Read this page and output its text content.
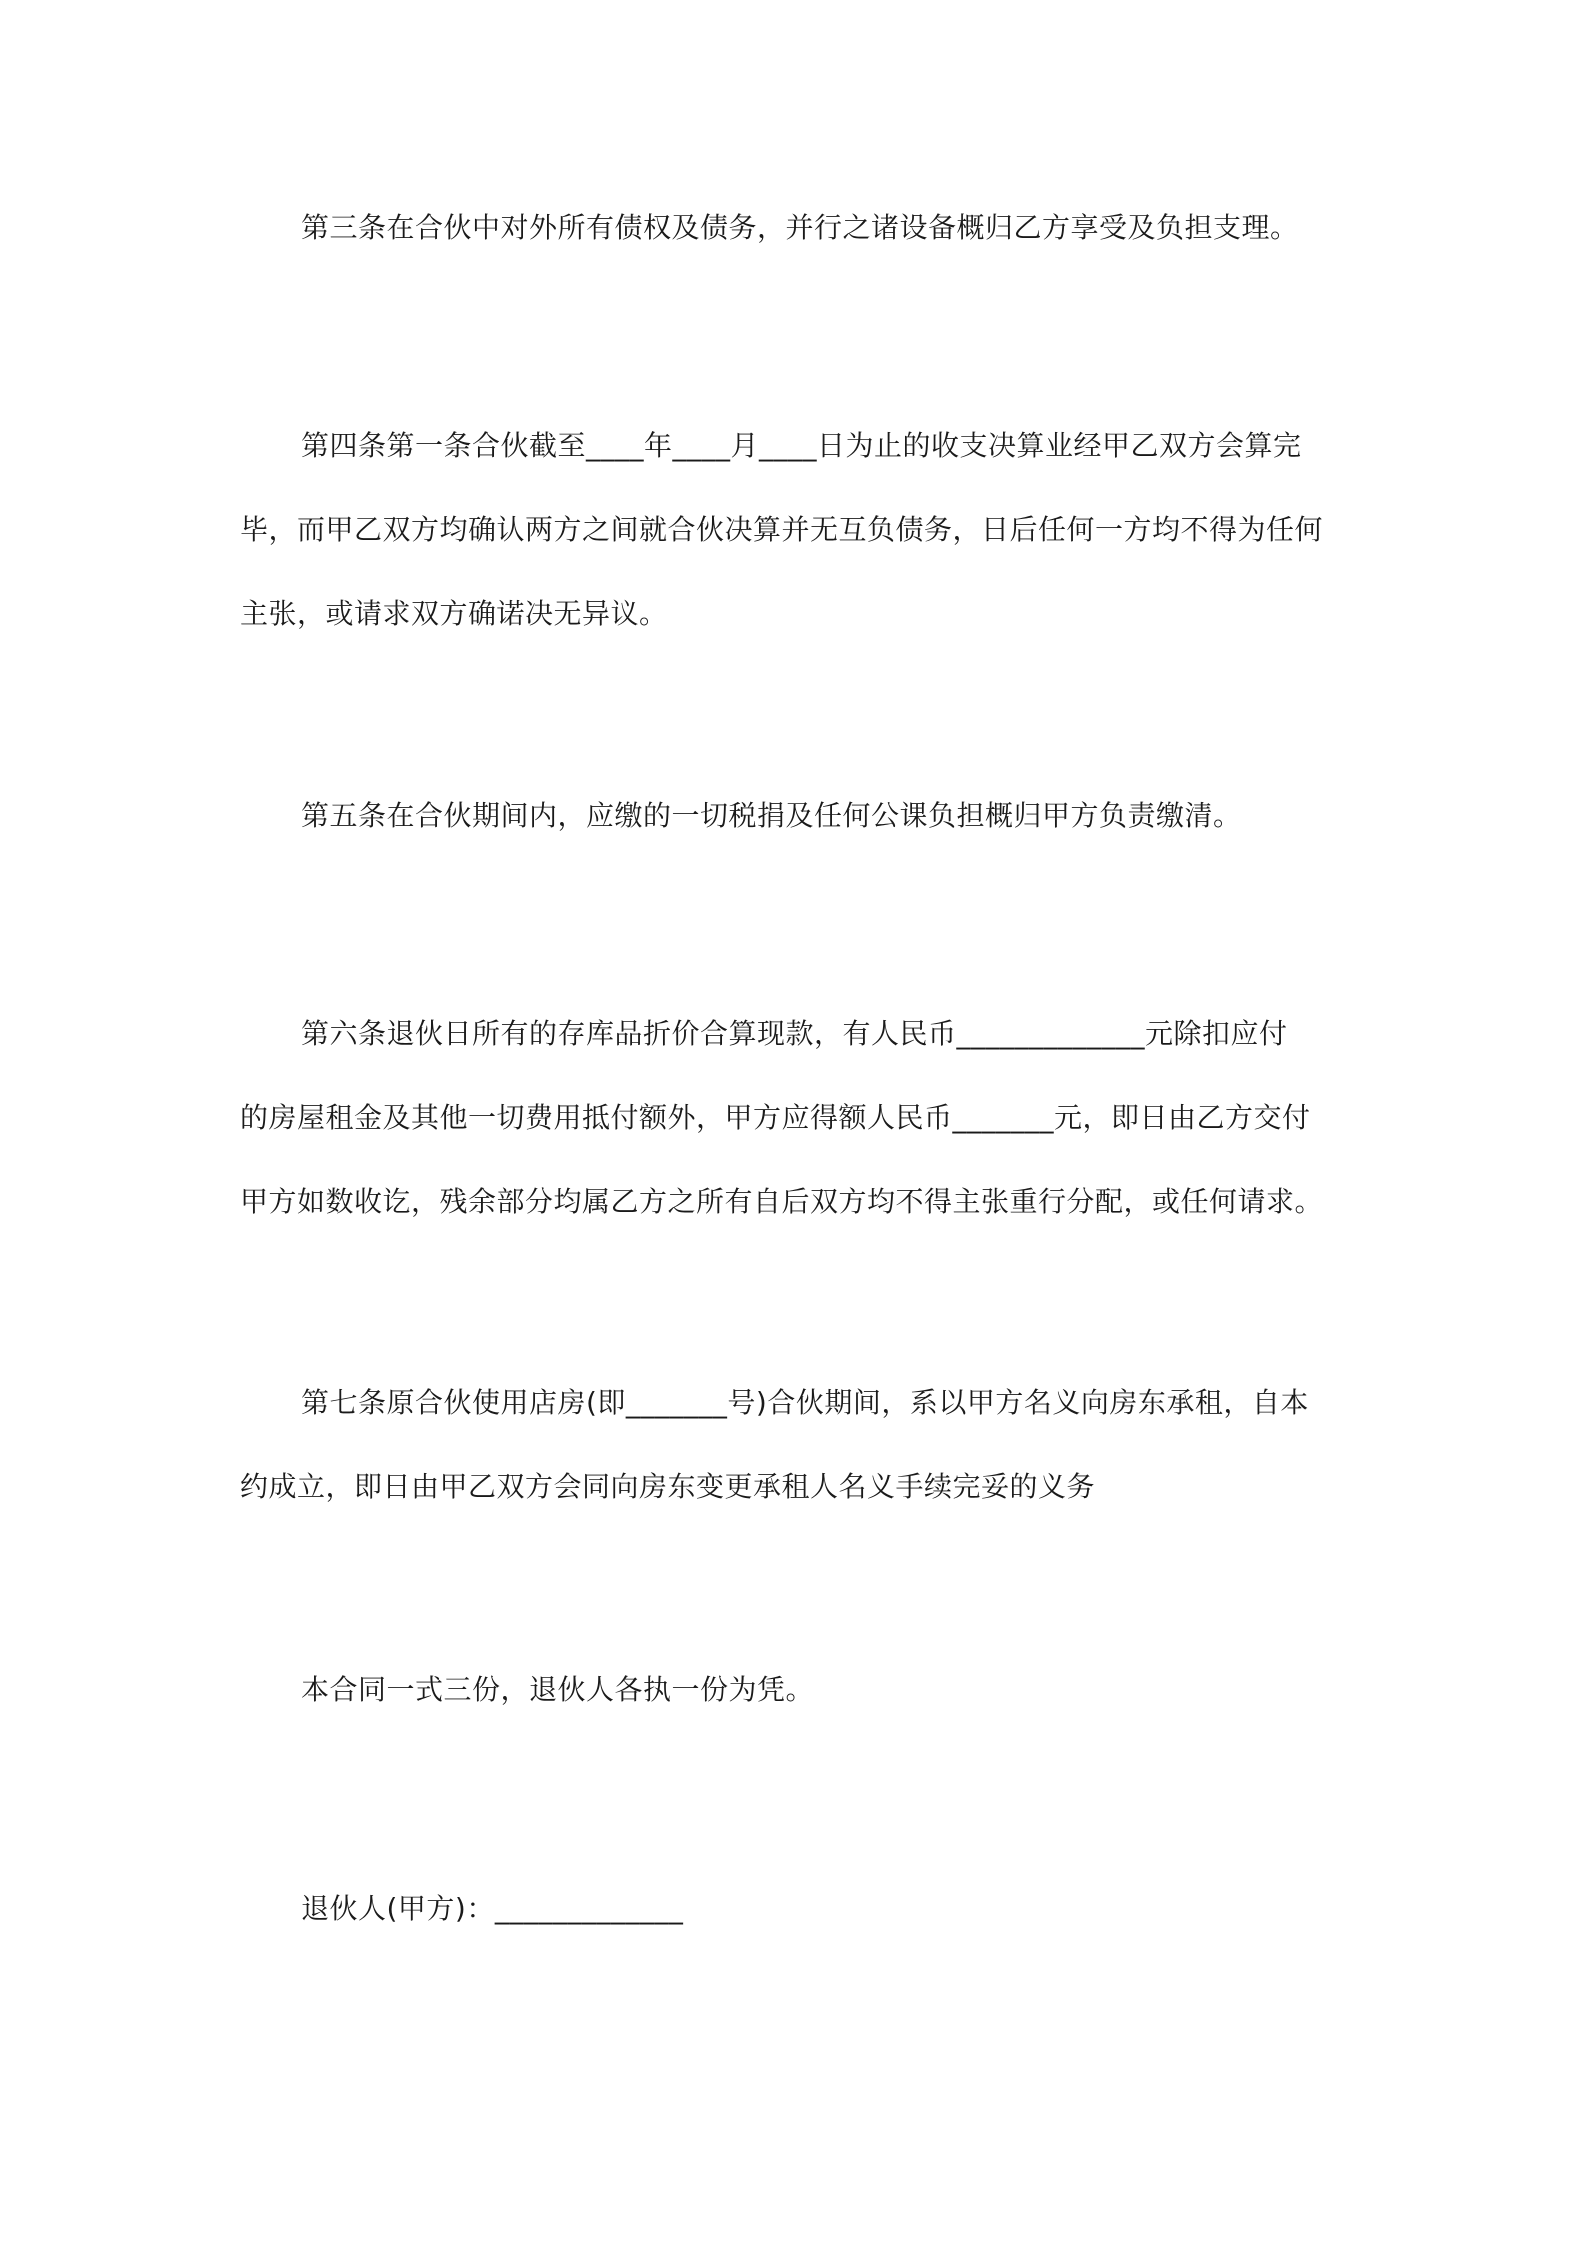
第三条在合伙中对外所有债权及债务，并行之诸设备概归乙方享受及负担支理。
第四条第一条合伙截至____年____月____日为止的收支决算业经甲乙双方会算完
毕，而甲乙双方均确认两方之间就合伙决算并无互负债务，日后任何一方均不得为任何
主张，或请求双方确诺决无异议。
第五条在合伙期间内，应缴的一切税捐及任何公课负担概归甲方负责缴清。
第六条退伙日所有的存库品折价合算现款，有人民币_____________元除扣应付
的房屋租金及其他一切费用抵付额外，甲方应得额人民币_______元，即日由乙方交付
甲方如数收讫，残余部分均属乙方之所有自后双方均不得主张重行分配，或任何请求。
第七条原合伙使用店房(即_______号)合伙期间，系以甲方名义向房东承租，自本
约成立，即日由甲乙双方会同向房东变更承租人名义手续完妥的义务
本合同一式三份，退伙人各执一份为凭。
退伙人(甲方)：_____________
